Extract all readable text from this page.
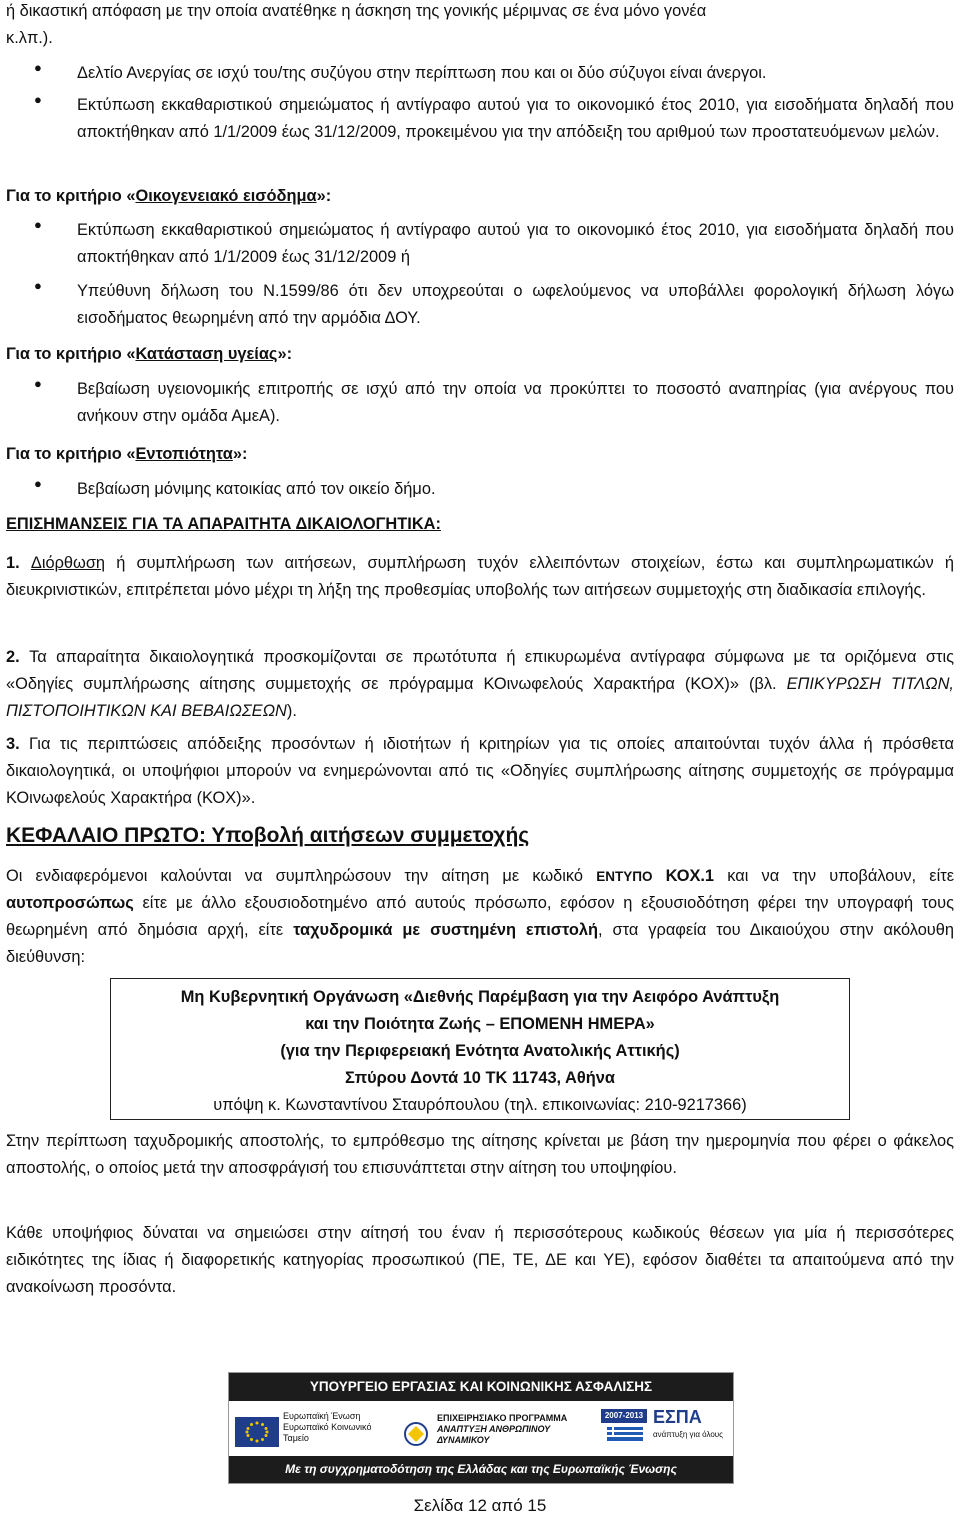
ή δικαστική απόφαση με την οποία ανατέθηκε η άσκηση της γονικής μέριμνας σε ένα μόνο γονέα

κ.λπ.).

● Δελτίο Ανεργίας σε ισχύ του/της συζύγου στην περίπτωση που και οι δύο σύζυγοι είναι άνεργοι.

● Εκτύπωση εκκαθαριστικού σημειώματος ή αντίγραφο αυτού για το οικονομικό έτος 2010, για εισοδήματα δηλαδή που αποκτήθηκαν από 1/1/2009 έως 31/12/2009, προκειμένου για την απόδειξη του αριθμού των προστατευόμενων μελών.

Για το κριτήριο «Οικογενειακό εισόδημα»:

● Εκτύπωση εκκαθαριστικού σημειώματος ή αντίγραφο αυτού για το οικονομικό έτος 2010, για εισοδήματα δηλαδή που αποκτήθηκαν από 1/1/2009 έως 31/12/2009 ή

● Υπεύθυνη δήλωση του Ν.1599/86 ότι δεν υποχρεούται ο ωφελούμενος να υποβάλλει φορολογική δήλωση λόγω εισοδήματος θεωρημένη από την αρμόδια ΔΟΥ.

Για το κριτήριο «Κατάσταση υγείας»:

● Βεβαίωση υγειονομικής επιτροπής σε ισχύ από την οποία να προκύπτει το ποσοστό αναπηρίας (για ανέργους που ανήκουν στην ομάδα ΑμεΑ).

Για το κριτήριο «Εντοπιότητα»:

● Βεβαίωση μόνιμης κατοικίας από τον οικείο δήμο.

ΕΠΙΣΗΜΑΝΣΕΙΣ ΓΙΑ ΤΑ ΑΠΑΡΑΙΤΗΤΑ ΔΙΚΑΙΟΛΟΓΗΤΙΚΑ:

1. Διόρθωση ή συμπλήρωση των αιτήσεων, συμπλήρωση τυχόν ελλειπόντων στοιχείων, έστω και συμπληρωματικών ή διευκρινιστικών, επιτρέπεται μόνο μέχρι τη λήξη της προθεσμίας υποβολής των αιτήσεων συμμετοχής στη διαδικασία επιλογής.

2. Τα απαραίτητα δικαιολογητικά προσκομίζονται σε πρωτότυπα ή επικυρωμένα αντίγραφα σύμφωνα με τα οριζόμενα στις «Οδηγίες συμπλήρωσης αίτησης συμμετοχής σε πρόγραμμα ΚΟινωφελούς Χαρακτήρα (ΚΟΧ)» (βλ. ΕΠΙΚΥΡΩΣΗ ΤΙΤΛΩΝ, ΠΙΣΤΟΠΟΙΗΤΙΚΩΝ ΚΑΙ ΒΕΒΑΙΩΣΕΩΝ).

3. Για τις περιπτώσεις απόδειξης προσόντων ή ιδιοτήτων ή κριτηρίων για τις οποίες απαιτούνται τυχόν άλλα ή πρόσθετα δικαιολογητικά, οι υποψήφιοι μπορούν να ενημερώνονται από τις «Οδηγίες συμπλήρωσης αίτησης συμμετοχής σε πρόγραμμα ΚΟινωφελούς Χαρακτήρα (ΚΟΧ)».

ΚΕΦΑΛΑΙΟ ΠΡΩΤΟ: Υποβολή αιτήσεων συμμετοχής

Οι ενδιαφερόμενοι καλούνται να συμπληρώσουν την αίτηση με κωδικό ΕΝΤΥΠΟ ΚΟΧ.1 και να την υποβάλουν, είτε αυτοπροσώπως είτε με άλλο εξουσιοδοτημένο από αυτούς πρόσωπο, εφόσον η εξουσιοδότηση φέρει την υπογραφή τους θεωρημένη από δημόσια αρχή, είτε ταχυδρομικά με συστημένη επιστολή, στα γραφεία του Δικαιούχου στην ακόλουθη διεύθυνση:

Μη Κυβερνητική Οργάνωση «Διεθνής Παρέμβαση για την Αειφόρο Ανάπτυξη
και την Ποιότητα Ζωής – ΕΠΟΜΕΝΗ ΗΜΕΡΑ»
(για την Περιφερειακή Ενότητα Ανατολικής Αττικής)
Σπύρου Δοντά 10 ΤΚ 11743, Αθήνα
υπόψη κ. Κωνσταντίνου Σταυρόπουλου (τηλ. επικοινωνίας: 210-9217366)

Στην περίπτωση ταχυδρομικής αποστολής, το εμπρόθεσμο της αίτησης κρίνεται με βάση την ημερομηνία που φέρει ο φάκελος αποστολής, ο οποίος μετά την αποσφράγισή του επισυνάπτεται στην αίτηση του υποψηφίου.

Κάθε υποψήφιος δύναται να σημειώσει στην αίτησή του έναν ή περισσότερους κωδικούς θέσεων για μία ή περισσότερες ειδικότητες της ίδιας ή διαφορετικής κατηγορίας προσωπικού (ΠΕ, ΤΕ, ΔΕ και ΥΕ), εφόσον διαθέτει τα απαιτούμενα από την ανακοίνωση προσόντα.

ΥΠΟΥΡΓΕΙΟ ΕΡΓΑΣΙΑΣ ΚΑΙ ΚΟΙΝΩΝΙΚΗΣ ΑΣΦΑΛΙΣΗΣ
Ευρωπαϊκή Ένωση
Ευρωπαϊκό Κοινωνικό Ταμείο
ΕΠΙΧΕΙΡΗΣΙΑΚΟ ΠΡΟΓΡΑΜΜΑ
ΑΝΑΠΤΥΞΗ ΑΝΘΡΩΠΙΝΟΥ ΔΥΝΑΜΙΚΟΥ
2007-2013 ΕΣΠΑ
ανάπτυξη για όλους
Με τη συγχρηματοδότηση της Ελλάδας και της Ευρωπαϊκής Ένωσης
Σελίδα 12 από 15
